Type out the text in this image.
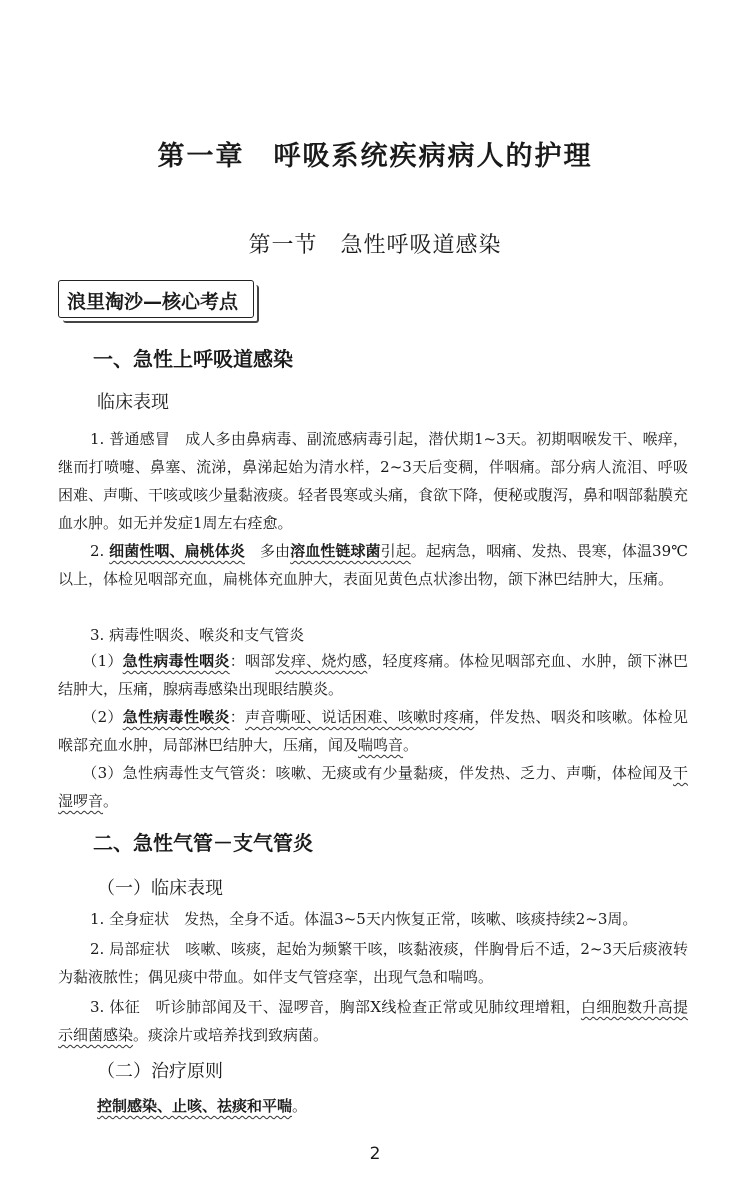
第一章　呼吸系统疾病病人的护理
第一节　急性呼吸道感染
浪里淘沙—核心考点
一、急性上呼吸道感染
临床表现
1. 普通感冒　成人多由鼻病毒、副流感病毒引起，潜伏期1~3天。初期咽喉发干、喉痒，继而打喷嚏、鼻塞、流涕，鼻涕起始为清水样，2~3天后变稠，伴咽痛。部分病人流泪、呼吸困难、声嘶、干咳或咳少量黏液痰。轻者畏寒或头痛，食欲下降，便秘或腹泻，鼻和咽部黏膜充血水肿。如无并发症1周左右痊愈。
2. 细菌性咽、扁桃体炎　多由溶血性链球菌引起。起病急，咽痛、发热、畏寒，体温39℃以上，体检见咽部充血，扁桃体充血肿大，表面见黄色点状渗出物，颌下淋巴结肿大，压痛。
3. 病毒性咽炎、喉炎和支气管炎
（1）急性病毒性咽炎：咽部发痒、烧灼感，轻度疼痛。体检见咽部充血、水肿，颌下淋巴结肿大，压痛，腺病毒感染出现眼结膜炎。
（2）急性病毒性喉炎：声音嘶哑、说话困难、咳嗽时疼痛，伴发热、咽炎和咳嗽。体检见喉部充血水肿，局部淋巴结肿大，压痛，闻及喘鸣音。
（3）急性病毒性支气管炎：咳嗽、无痰或有少量黏痰，伴发热、乏力、声嘶，体检闻及干湿啰音。
二、急性气管－支气管炎
（一）临床表现
1. 全身症状　发热，全身不适。体温3~5天内恢复正常，咳嗽、咳痰持续2~3周。
2. 局部症状　咳嗽、咳痰，起始为频繁干咳，咳黏液痰，伴胸骨后不适，2~3天后痰液转为黏液脓性；偶见痰中带血。如伴支气管痉挛，出现气急和喘鸣。
3. 体征　听诊肺部闻及干、湿啰音，胸部X线检查正常或见肺纹理增粗，白细胞数升高提示细菌感染。痰涂片或培养找到致病菌。
（二）治疗原则
控制感染、止咳、祛痰和平喘。
2
